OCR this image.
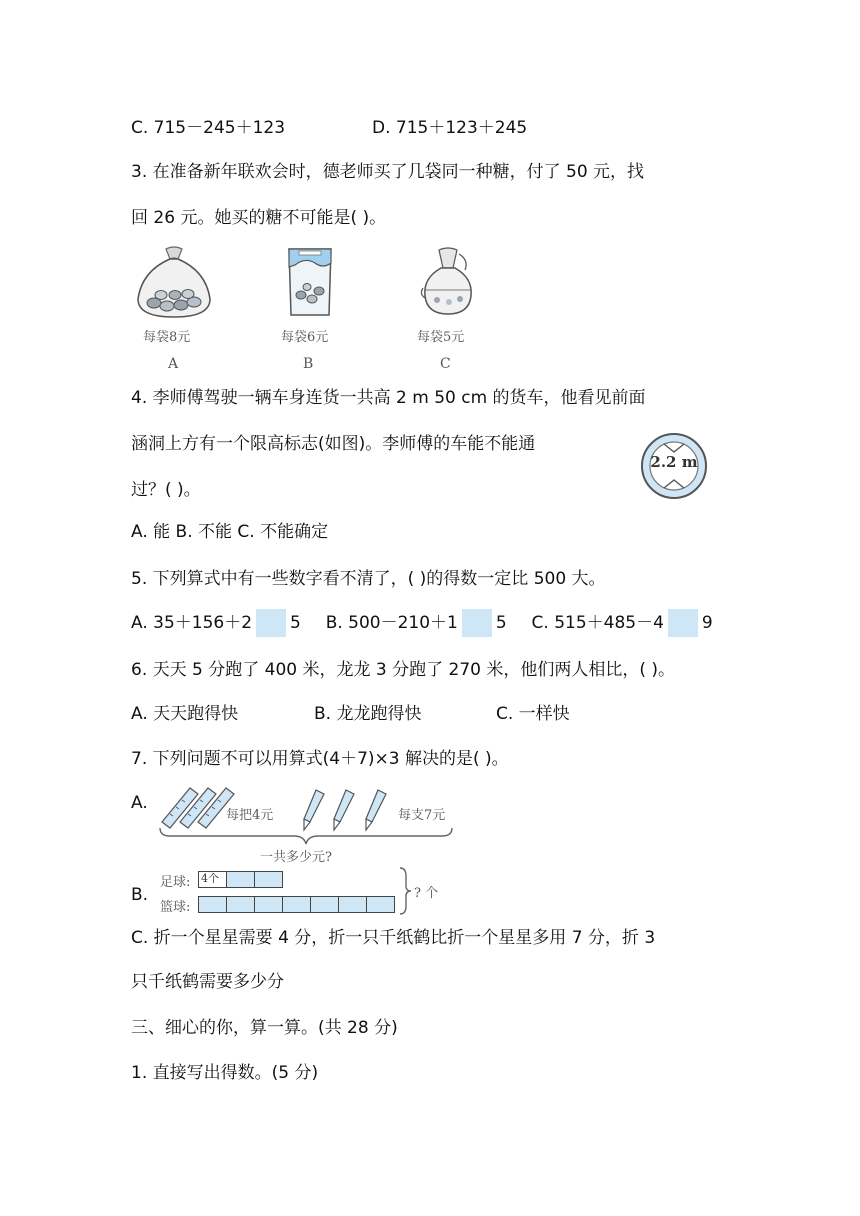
C. 715－245＋123	D. 715＋123＋245
3. 在准备新年联欢会时，德老师买了几袋同一种糖，付了 50 元，找
回 26 元。她买的糖不可能是( )。
每袋8元
A
每袋6元
B
每袋5元
C
4. 李师傅驾驶一辆车身连货一共高 2 m 50 cm 的货车，他看见前面
涵洞上方有一个限高标志(如图)。李师傅的车能不能通
过？( )。
2.2 m
A. 能 B. 不能 C. 不能确定
5. 下列算式中有一些数字看不清了，( )的得数一定比 500 大。
A. 35＋156＋2 5 B. 500－210＋1 5 C. 515＋485－4 9
6. 天天 5 分跑了 400 米，龙龙 3 分跑了 270 米，他们两人相比，( )。
A. 天天跑得快	B. 龙龙跑得快	C. 一样快
7. 下列问题不可以用算式(4＋7)×3 解决的是( )。
A.
每把4元	每支7元
一共多少元?
B.
足球:
篮球:
4个
? 个
C. 折一个星星需要 4 分，折一只千纸鹤比折一个星星多用 7 分，折 3
只千纸鹤需要多少分
三、细心的你，算一算。(共 28 分)
1. 直接写出得数。(5 分)
